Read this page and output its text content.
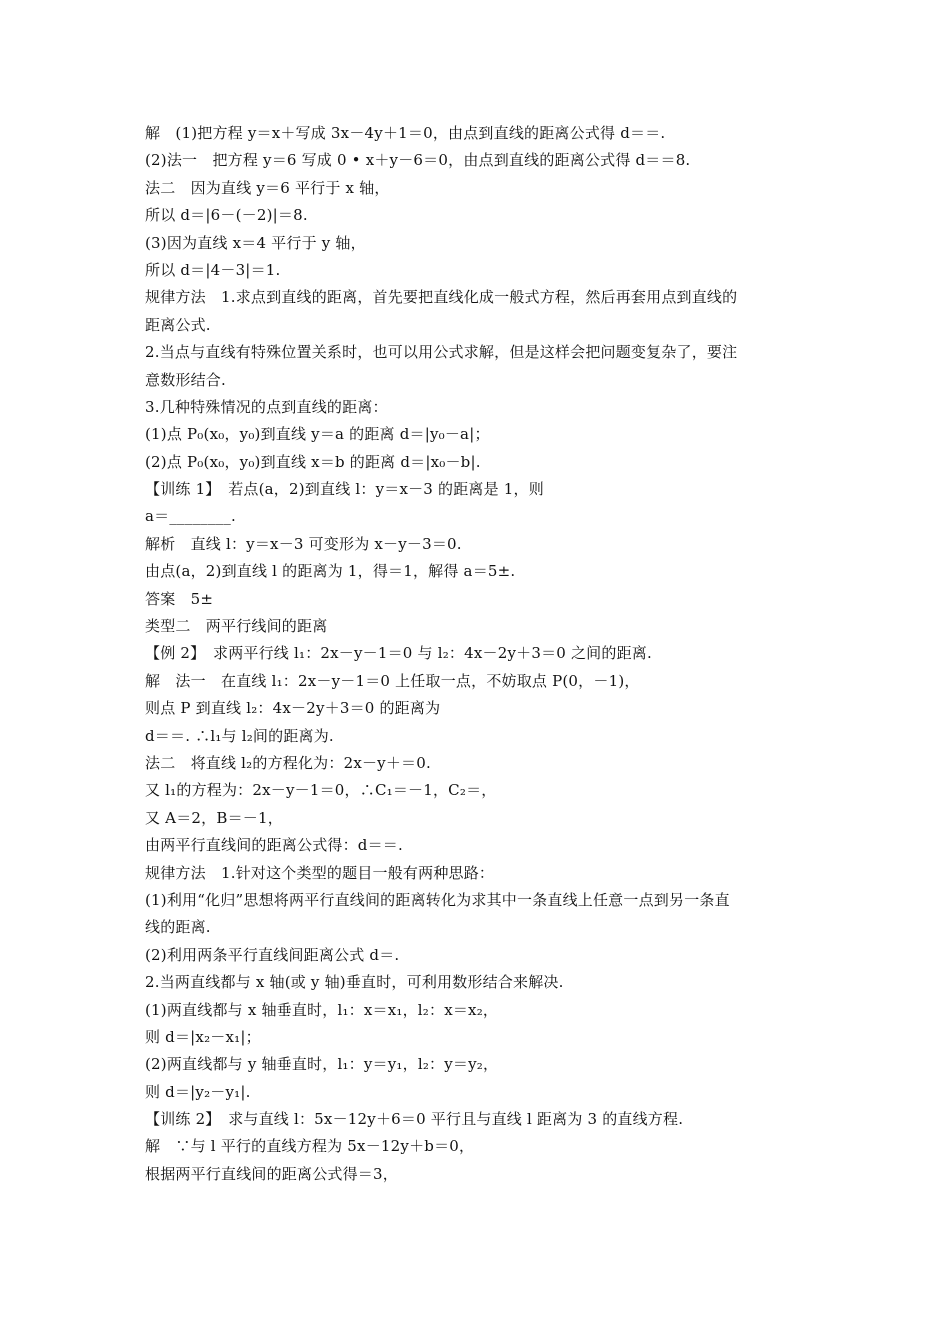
解　(1)把方程 y＝x＋写成 3x－4y＋1＝0，由点到直线的距离公式得 d＝＝.
(2)法一　把方程 y＝6 写成 0 • x＋y－6＝0，由点到直线的距离公式得 d＝＝8.
法二　因为直线 y＝6 平行于 x 轴，
所以 d＝|6－(－2)|＝8.
(3)因为直线 x＝4 平行于 y 轴，
所以 d＝|4－3|＝1.
规律方法　1.求点到直线的距离，首先要把直线化成一般式方程，然后再套用点到直线的
距离公式.
2.当点与直线有特殊位置关系时，也可以用公式求解，但是这样会把问题变复杂了，要注
意数形结合.
3.几种特殊情况的点到直线的距离：
(1)点 P₀(x₀，y₀)到直线 y＝a 的距离 d＝|y₀－a|；
(2)点 P₀(x₀，y₀)到直线 x＝b 的距离 d＝|x₀－b|.
【训练 1】　若点(a，2)到直线 l：y＝x－3 的距离是 1，则
a＝________.
解析　直线 l：y＝x－3 可变形为 x－y－3＝0.
由点(a，2)到直线 l 的距离为 1，得＝1，解得 a＝5±.
答案　5±
类型二　两平行线间的距离
【例 2】　求两平行线 l₁：2x－y－1＝0 与 l₂：4x－2y＋3＝0 之间的距离.
解　法一　在直线 l₁：2x－y－1＝0 上任取一点，不妨取点 P(0，－1)，
则点 P 到直线 l₂：4x－2y＋3＝0 的距离为
d＝＝. ∴l₁与 l₂间的距离为.
法二　将直线 l₂的方程化为：2x－y＋＝0.
又 l₁的方程为：2x－y－1＝0，∴C₁＝－1，C₂＝，
又 A＝2，B＝－1，
由两平行直线间的距离公式得：d＝＝.
规律方法　1.针对这个类型的题目一般有两种思路：
(1)利用“化归”思想将两平行直线间的距离转化为求其中一条直线上任意一点到另一条直
线的距离.
(2)利用两条平行直线间距离公式 d＝.
2.当两直线都与 x 轴(或 y 轴)垂直时，可利用数形结合来解决.
(1)两直线都与 x 轴垂直时，l₁：x＝x₁，l₂：x＝x₂，
则 d＝|x₂－x₁|；
(2)两直线都与 y 轴垂直时，l₁：y＝y₁，l₂：y＝y₂，
则 d＝|y₂－y₁|.
【训练 2】　求与直线 l：5x－12y＋6＝0 平行且与直线 l 距离为 3 的直线方程.
解　∵与 l 平行的直线方程为 5x－12y＋b＝0，
根据两平行直线间的距离公式得＝3，
